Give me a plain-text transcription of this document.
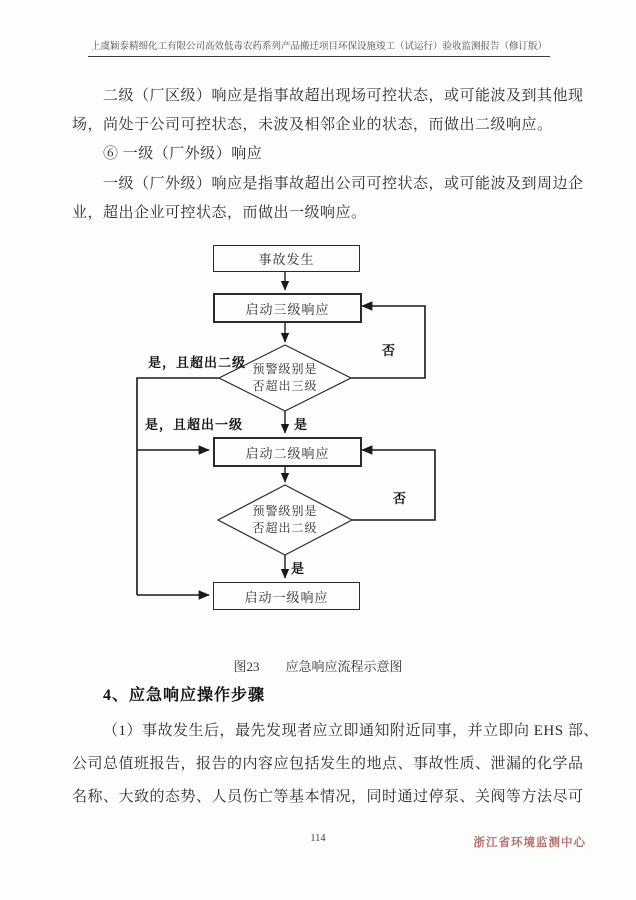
上虞颖泰精细化工有限公司高效低毒农药系列产品搬迁项目环保设施竣工（试运行）验收监测报告（修订版）
二级（厂区级）响应是指事故超出现场可控状态，或可能波及到其他现
场，尚处于公司可控状态，未波及相邻企业的状态，而做出二级响应。
⑥ 一级（厂外级）响应
一级（厂外级）响应是指事故超出公司可控状态，或可能波及到周边企
业，超出企业可控状态，而做出一级响应。
事故发生
启动三级响应
启动二级响应
启动一级响应
预警级别是
否超出三级
预警级别是
否超出二级
否
是
否
是
是，且超出二级
是，且超出一级
图23 应急响应流程示意图
4、应急响应操作步骤
（1）事故发生后，最先发现者应立即通知附近同事，并立即向 EHS 部、
公司总值班报告，报告的内容应包括发生的地点、事故性质、泄漏的化学品
名称、大致的态势、人员伤亡等基本情况，同时通过停泵、关阀等方法尽可
114	浙江省环境监测中心
